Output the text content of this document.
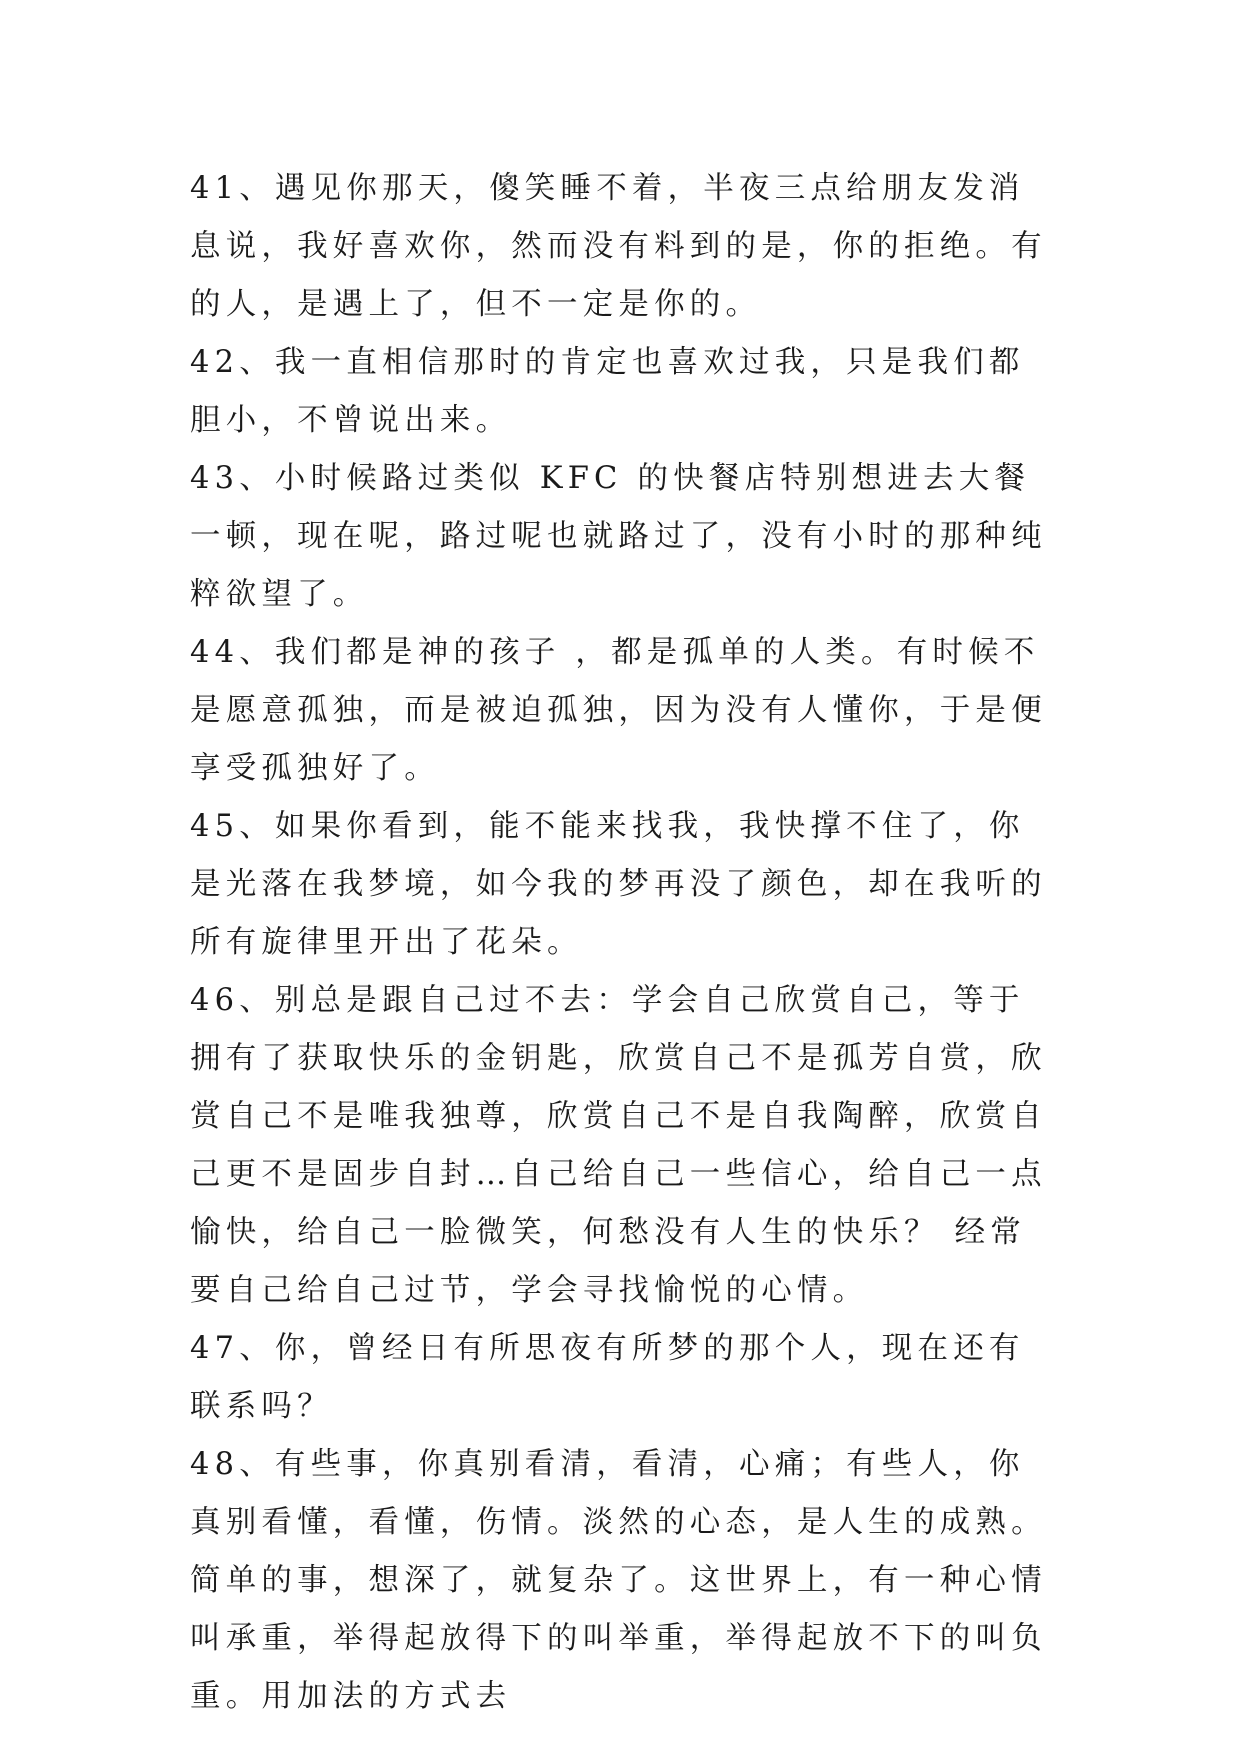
41、遇见你那天，傻笑睡不着，半夜三点给朋友发消息说，我好喜欢你，然而没有料到的是，你的拒绝。有的人，是遇上了，但不一定是你的。

42、我一直相信那时的肯定也喜欢过我，只是我们都胆小，不曾说出来。

43、小时候路过类似 KFC 的快餐店特别想进去大餐一顿，现在呢，路过呢也就路过了，没有小时的那种纯粹欲望了。

44、我们都是神的孩子 ，都是孤单的人类。有时候不是愿意孤独，而是被迫孤独，因为没有人懂你，于是便享受孤独好了。

45、如果你看到，能不能来找我，我快撑不住了，你是光落在我梦境，如今我的梦再没了颜色，却在我听的所有旋律里开出了花朵。

46、别总是跟自己过不去：学会自己欣赏自己，等于拥有了获取快乐的金钥匙，欣赏自己不是孤芳自赏，欣赏自己不是唯我独尊，欣赏自己不是自我陶醉，欣赏自己更不是固步自封…自己给自己一些信心，给自己一点愉快，给自己一脸微笑，何愁没有人生的快乐？ 经常要自己给自己过节，学会寻找愉悦的心情。

47、你，曾经日有所思夜有所梦的那个人，现在还有联系吗？

48、有些事，你真别看清，看清，心痛；有些人，你真别看懂，看懂，伤情。淡然的心态，是人生的成熟。简单的事，想深了，就复杂了。这世界上，有一种心情叫承重，举得起放得下的叫举重，举得起放不下的叫负重。用加法的方式去
